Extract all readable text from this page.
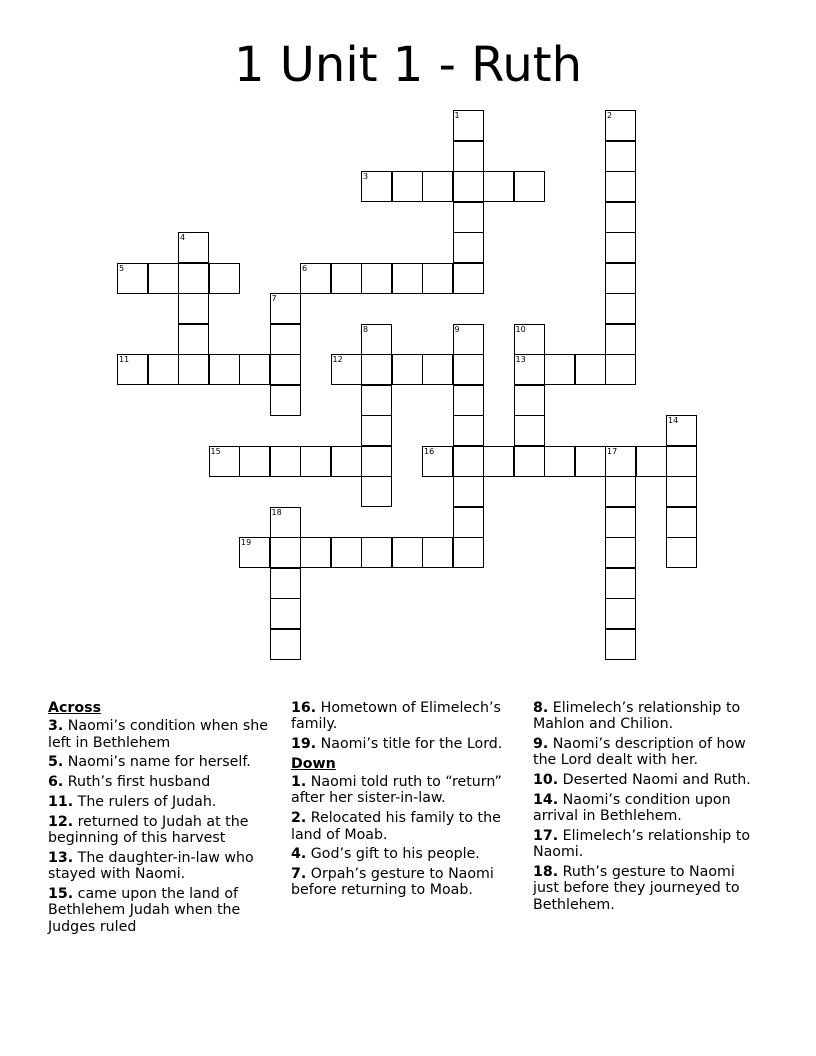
1 Unit 1 - Ruth
1	2
3
4
5	6
7
8	9	10
11	12	13
14
15	16	17
18
19
Across
3. Naomi’s condition when she left in Bethlehem
5. Naomi’s name for herself.
6. Ruth’s first husband
11. The rulers of Judah.
12. returned to Judah at the beginning of this harvest
13. The daughter-in-law who stayed with Naomi.
15. came upon the land of Bethlehem Judah when the Judges ruled
16. Hometown of Elimelech’s family.
19. Naomi’s title for the Lord.
Down
1. Naomi told ruth to “return” after her sister-in-law.
2. Relocated his family to the land of Moab.
4. God’s gift to his people.
7. Orpah’s gesture to Naomi before returning to Moab.
8. Elimelech’s relationship to Mahlon and Chilion.
9. Naomi’s description of how the Lord dealt with her.
10. Deserted Naomi and Ruth.
14. Naomi’s condition upon arrival in Bethlehem.
17. Elimelech’s relationship to Naomi.
18. Ruth’s gesture to Naomi just before they journeyed to Bethlehem.
